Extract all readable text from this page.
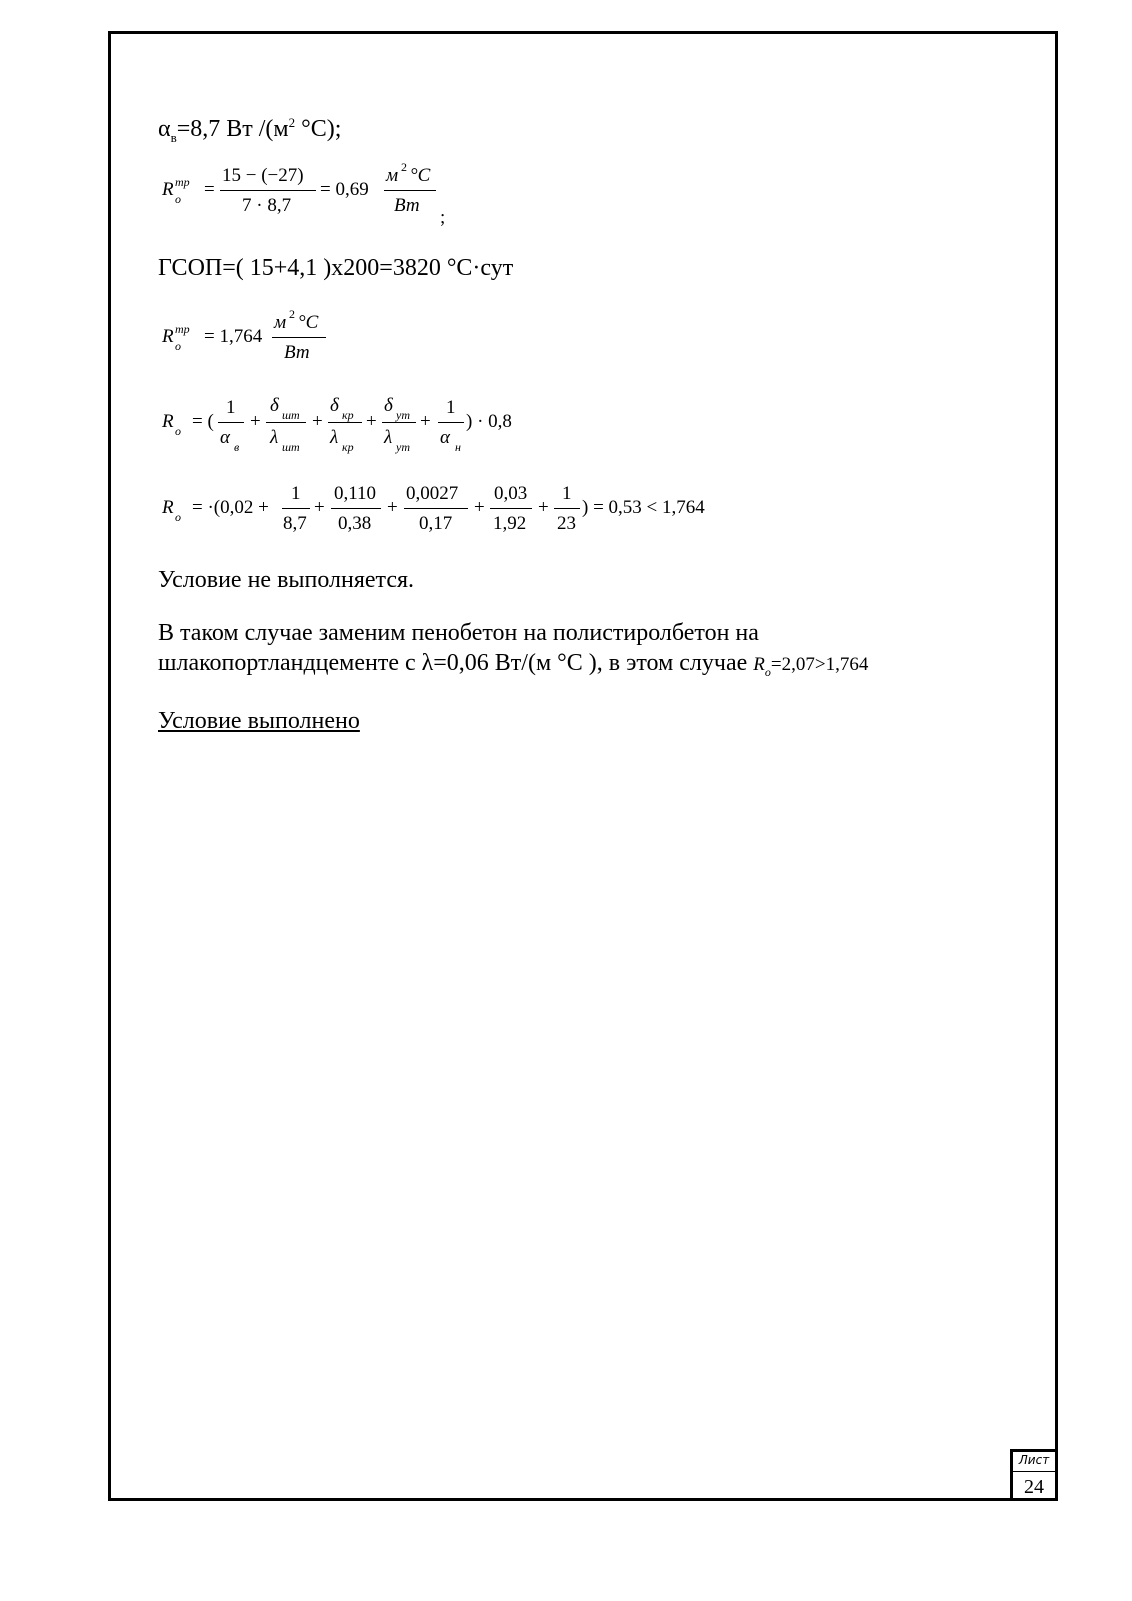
$\alpha_в=8,7$ Вт $/(м^2$ °С);
R o
тр =
15 − (−27)
7 · 8,7
= 0,69
м 2 °C
Вт
;
ГСОП=( 15+4,1 )х200=3820 °С·сут
R o
тр = 1,764
м 2 °C
Вт
R o = (
1
α в
+
δ шт
λ шт
+
δ кр
λ кр
+
δ ут
λ ут
+
1
α н
) · 0,8
R o = ·(0,02 +
1
8,7
+
0,110
0,38
+
0,0027
0,17
+
0,03
1,92
+
1
23
) = 0,53 < 1,764
Условие не выполняется.
В таком случае заменим пенобетон на полистиролбетон на
шлакопортландцементе с λ=0,06 Вт/(м °С ), в этом случае $R_o=2,07>1,764$
Условие выполнено
Лист
24
